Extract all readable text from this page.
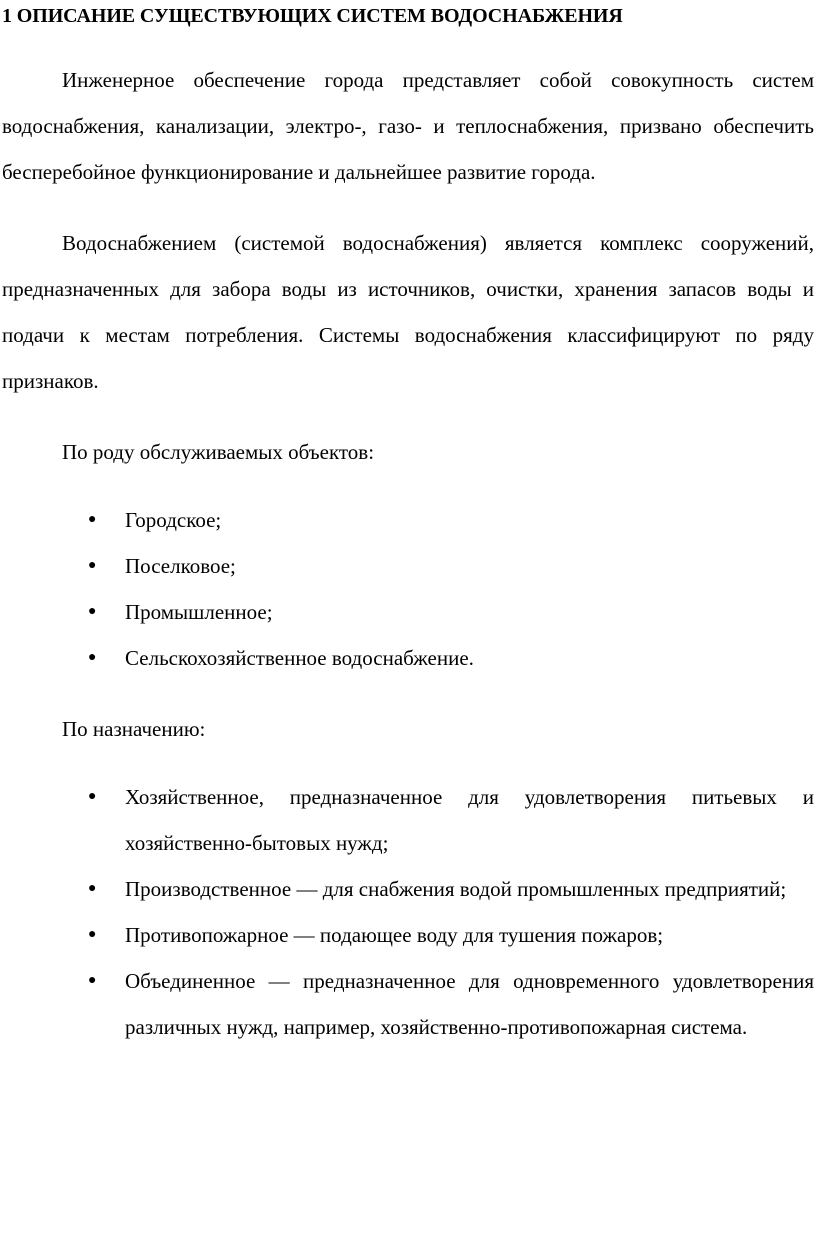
1 ОПИСАНИЕ СУЩЕСТВУЮЩИХ СИСТЕМ ВОДОСНАБЖЕНИЯ

Инженерное обеспечение города представляет собой совокупность систем водоснабжения, канализации, электро-, газо- и теплоснабжения, призвано обеспечить бесперебойное функционирование и дальнейшее развитие города.

Водоснабжением (системой водоснабжения) является комплекс сооружений, предназначенных для забора воды из источников, очистки, хранения запасов воды и подачи к местам потребления. Системы водоснабжения классифицируют по ряду признаков.

По роду обслуживаемых объектов:

● Городское;
● Поселковое;
● Промышленное;
● Сельскохозяйственное водоснабжение.

По назначению:

● Хозяйственное, предназначенное для удовлетворения питьевых и хозяйственно-бытовых нужд;
● Производственное — для снабжения водой промышленных предприятий;
● Противопожарное — подающее воду для тушения пожаров;
● Объединенное — предназначенное для одновременного удовлетворения различных нужд, например, хозяйственно-противопожарная система.
